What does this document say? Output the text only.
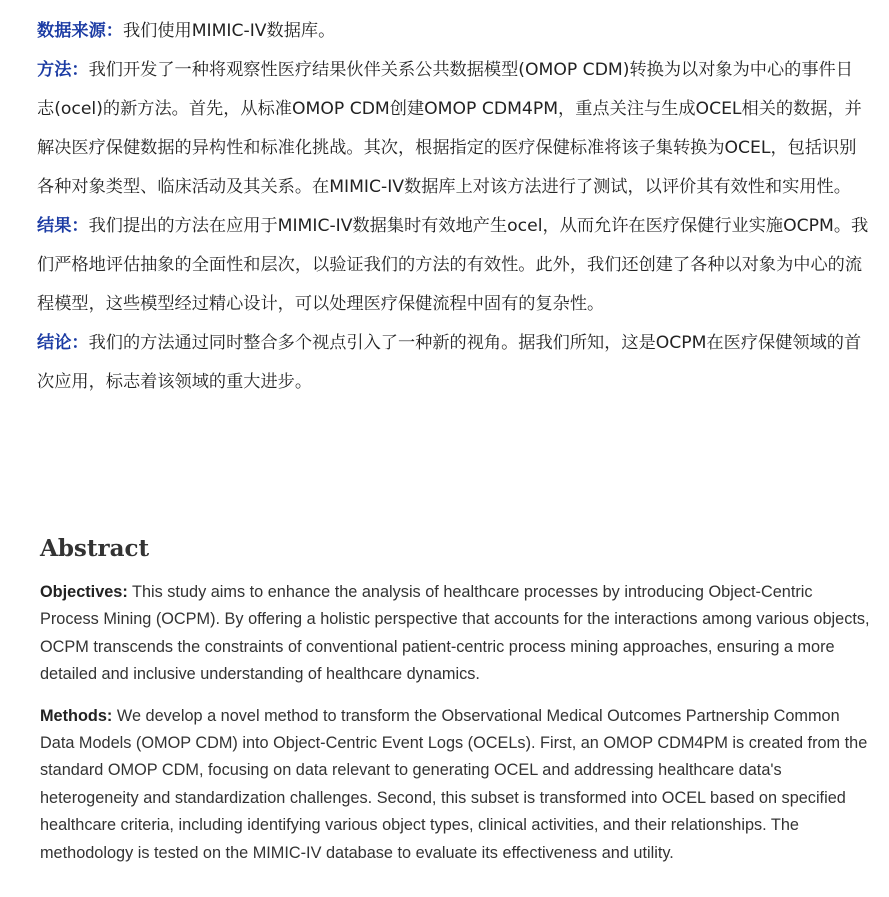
数据来源：我们使用MIMIC-IV数据库。

方法：我们开发了一种将观察性医疗结果伙伴关系公共数据模型(OMOP CDM)转换为以对象为中心的事件日志(ocel)的新方法。首先，从标准OMOP CDM创建OMOP CDM4PM，重点关注与生成OCEL相关的数据，并解决医疗保健数据的异构性和标准化挑战。其次，根据指定的医疗保健标准将该子集转换为OCEL，包括识别各种对象类型、临床活动及其关系。在MIMIC-IV数据库上对该方法进行了测试，以评价其有效性和实用性。

结果：我们提出的方法在应用于MIMIC-IV数据集时有效地产生ocel，从而允许在医疗保健行业实施OCPM。我们严格地评估抽象的全面性和层次，以验证我们的方法的有效性。此外，我们还创建了各种以对象为中心的流程模型，这些模型经过精心设计，可以处理医疗保健流程中固有的复杂性。

结论：我们的方法通过同时整合多个视点引入了一种新的视角。据我们所知，这是OCPM在医疗保健领域的首次应用，标志着该领域的重大进步。

Abstract

Objectives: This study aims to enhance the analysis of healthcare processes by introducing Object-Centric Process Mining (OCPM). By offering a holistic perspective that accounts for the interactions among various objects, OCPM transcends the constraints of conventional patient-centric process mining approaches, ensuring a more detailed and inclusive understanding of healthcare dynamics.

Methods: We develop a novel method to transform the Observational Medical Outcomes Partnership Common Data Models (OMOP CDM) into Object-Centric Event Logs (OCELs). First, an OMOP CDM4PM is created from the standard OMOP CDM, focusing on data relevant to generating OCEL and addressing healthcare data's heterogeneity and standardization challenges. Second, this subset is transformed into OCEL based on specified healthcare criteria, including identifying various object types, clinical activities, and their relationships. The methodology is tested on the MIMIC-IV database to evaluate its effectiveness and utility.
